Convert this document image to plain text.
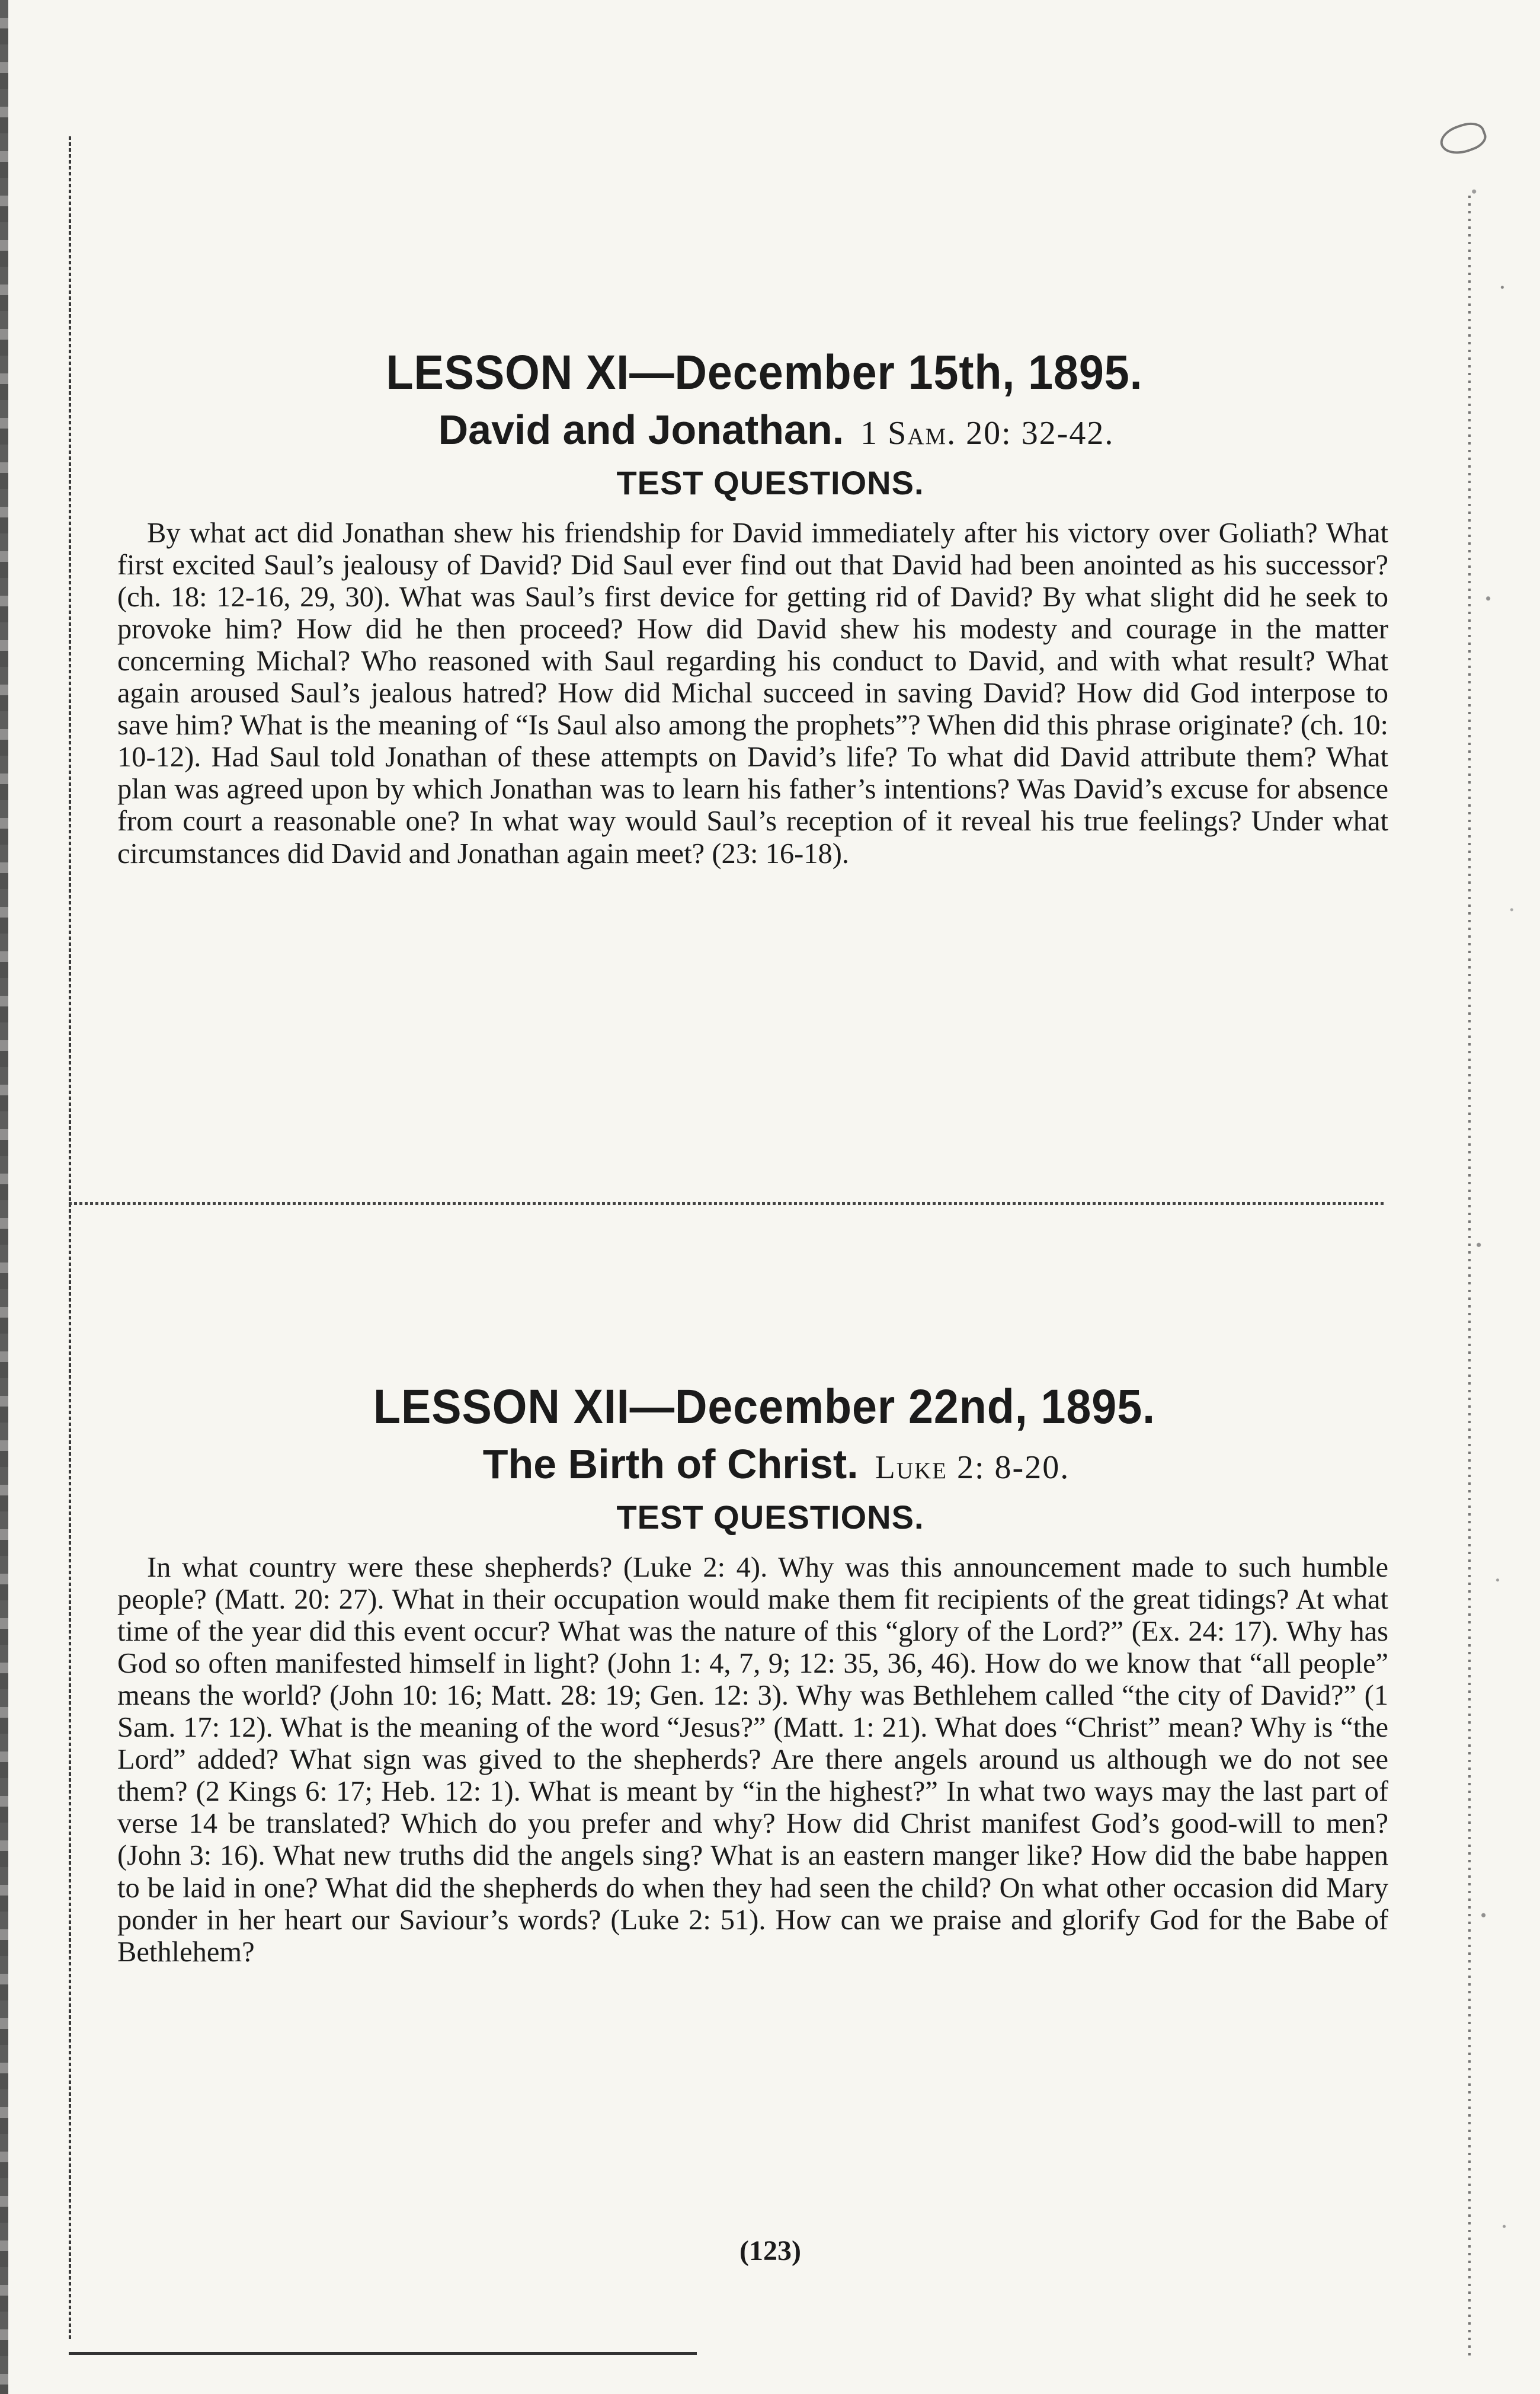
LESSON XI—December 15th, 1895.
David and Jonathan. 1 Sam. 20: 32-42.
TEST QUESTIONS.

By what act did Jonathan shew his friendship for David immediately after his victory over Goliath? What first excited Saul’s jealousy of David? Did Saul ever find out that David had been anointed as his successor? (ch. 18: 12-16, 29, 30). What was Saul’s first device for getting rid of David? By what slight did he seek to provoke him? How did he then proceed? How did David shew his modesty and courage in the matter concerning Michal? Who reasoned with Saul regarding his conduct to David, and with what result? What again aroused Saul’s jealous hatred? How did Michal succeed in saving David? How did God interpose to save him? What is the meaning of “Is Saul also among the prophets”? When did this phrase originate? (ch. 10: 10-12). Had Saul told Jonathan of these attempts on David’s life? To what did David attribute them? What plan was agreed upon by which Jonathan was to learn his father’s intentions? Was David’s excuse for absence from court a reasonable one? In what way would Saul’s reception of it reveal his true feelings? Under what circumstances did David and Jonathan again meet? (23: 16-18).

LESSON XII—December 22nd, 1895.
The Birth of Christ. Luke 2: 8-20.
TEST QUESTIONS.

In what country were these shepherds? (Luke 2: 4). Why was this announcement made to such humble people? (Matt. 20: 27). What in their occupation would make them fit recipients of the great tidings? At what time of the year did this event occur? What was the nature of this “glory of the Lord?” (Ex. 24: 17). Why has God so often manifested himself in light? (John 1: 4, 7, 9; 12: 35, 36, 46). How do we know that “all people” means the world? (John 10: 16; Matt. 28: 19; Gen. 12: 3). Why was Bethlehem called “the city of David?” (1 Sam. 17: 12). What is the meaning of the word “Jesus?” (Matt. 1: 21). What does “Christ” mean? Why is “the Lord” added? What sign was gived to the shepherds? Are there angels around us although we do not see them? (2 Kings 6: 17; Heb. 12: 1). What is meant by “in the highest?” In what two ways may the last part of verse 14 be translated? Which do you prefer and why? How did Christ manifest God’s good-will to men? (John 3: 16). What new truths did the angels sing? What is an eastern manger like? How did the babe happen to be laid in one? What did the shepherds do when they had seen the child? On what other occasion did Mary ponder in her heart our Saviour’s words? (Luke 2: 51). How can we praise and glorify God for the Babe of Bethlehem?

(123)
